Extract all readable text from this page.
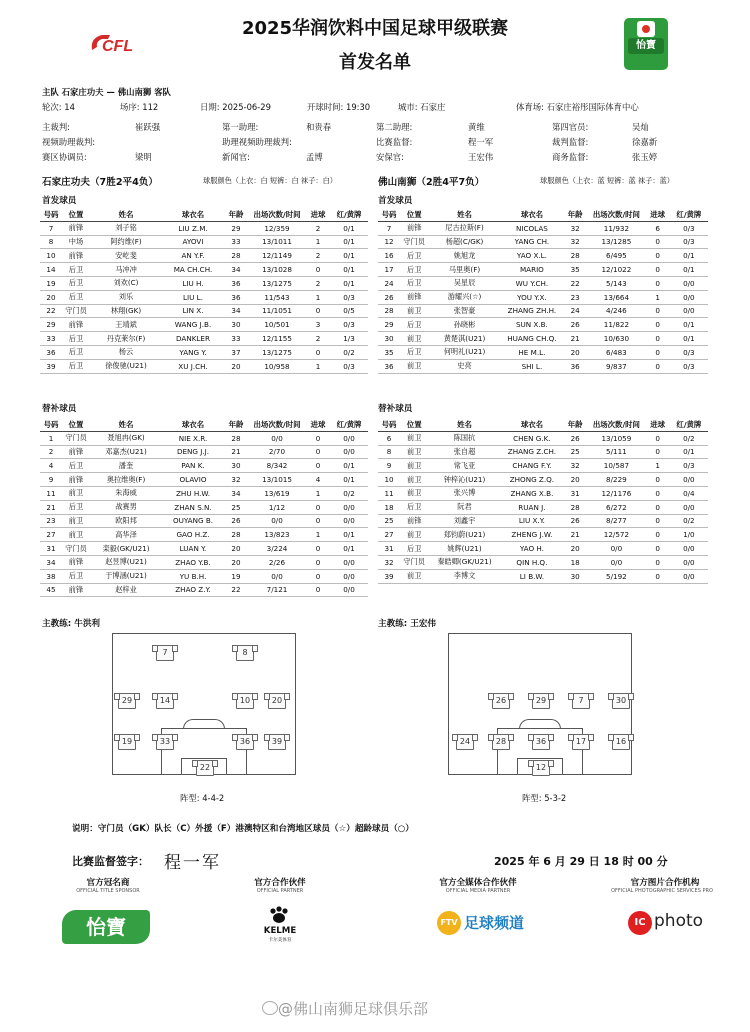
CFL
2025华润饮料中国足球甲级联赛
首发名单
怡寶
主队 石家庄功夫 — 佛山南狮 客队
轮次: 14	场序: 112	日期: 2025-06-29	开球时间: 19:30	城市: 石家庄	体育场: 石家庄裕彤国际体育中心
主裁判:	崔跃强	第一助理:	和贵春	第二助理:	黄维	第四官员:	吴灿
视频助理裁判:	助理视频助理裁判:	比赛监督:	程一军	裁判监督:	徐嘉新
赛区协调员:	梁明	新闻官:	孟博	安保官:	王宏伟	商务监督:	张玉婷
石家庄功夫（7胜2平4负）	球服颜色（上衣：白 短裤：白 袜子：白）	佛山南狮（2胜4平7负）	球服颜色（上衣：蓝 短裤：蓝 袜子：蓝）
首发球员	首发球员
号码	位置	姓名	球衣名	年龄	出场次数/时间	进球	红/黄牌
7	前锋	刘子铭	LIU Z.M.	29	12/359	2	0/1
8	中场	阿约维(F)	AYOVI	33	13/1011	1	0/1
10	前锋	安屹斐	AN Y.F.	28	12/1149	2	0/1
14	后卫	马冲冲	MA CH.CH.	34	13/1028	0	0/1
19	后卫	刘欢(C)	LIU H.	36	13/1275	2	0/1
20	后卫	刘乐	LIU L.	36	11/543	1	0/3
22	守门员	林翔(GK)	LIN X.	34	11/1051	0	0/5
29	前锋	王靖斌	WANG J.B.	30	10/501	3	0/3
33	后卫	丹克莱尔(F)	DANKLER	33	12/1155	2	1/3
36	后卫	杨云	YANG Y.	37	13/1275	0	0/2
39	后卫	徐俊驰(U21)	XU J.CH.	20	10/958	1	0/3
号码	位置	姓名	球衣名	年龄	出场次数/时间	进球	红/黄牌
7	前锋	尼古拉斯(F)	NICOLAS	32	11/932	6	0/3
12	守门员	杨超(C/GK)	YANG CH.	32	13/1285	0	0/3
16	后卫	姚旭龙	YAO X.L.	28	6/495	0	0/1
17	后卫	马里奥(F)	MARIO	35	12/1022	0	0/1
24	后卫	吴星辰	WU Y.CH.	22	5/143	0	0/0
26	前锋	游耀兴(☆)	YOU Y.X.	23	13/664	1	0/0
28	前卫	张智豪	ZHANG ZH.H.	24	4/246	0	0/0
29	后卫	孙晓彬	SUN X.B.	26	11/822	0	0/1
30	前卫	黄楚淇(U21)	HUANG CH.Q.	21	10/630	0	0/1
35	后卫	何明礼(U21)	HE M.L.	20	6/483	0	0/3
36	前卫	史亮	SHI L.	36	9/837	0	0/3
替补球员	替补球员
号码	位置	姓名	球衣名	年龄	出场次数/时间	进球	红/黄牌
1	守门员	聂旭冉(GK)	NIE X.R.	28	0/0	0	0/0
2	前锋	邓嘉杰(U21)	DENG J.J.	21	2/70	0	0/0
4	后卫	潘奎	PAN K.	30	8/342	0	0/1
9	前锋	奥拉维奥(F)	OLAVIO	32	13/1015	4	0/1
11	前卫	朱海威	ZHU H.W.	34	13/619	1	0/2
21	后卫	战赛男	ZHAN S.N.	25	1/12	0	0/0
23	前卫	欧阳邦	OUYANG B.	26	0/0	0	0/0
27	前卫	高华泽	GAO H.Z.	28	13/823	1	0/1
31	守门员	栾毅(GK/U21)	LUAN Y.	20	3/224	0	0/1
34	前锋	赵昱博(U21)	ZHAO Y.B.	20	2/26	0	0/0
38	后卫	于博涵(U21)	YU B.H.	19	0/0	0	0/0
45	前锋	赵梓业	ZHAO Z.Y.	22	7/121	0	0/0
号码	位置	姓名	球衣名	年龄	出场次数/时间	进球	红/黄牌
6	前卫	陈国抗	CHEN G.K.	26	13/1059	0	0/2
8	前卫	张自超	ZHANG Z.CH.	25	5/111	0	0/1
9	前卫	常飞亚	CHANG F.Y.	32	10/587	1	0/3
10	前卫	钟梓沁(U21)	ZHONG Z.Q.	20	8/229	0	0/0
11	前卫	张兴博	ZHANG X.B.	31	12/1176	0	0/4
18	后卫	阮君	RUAN J.	28	6/272	0	0/0
25	前锋	刘鑫宇	LIU X.Y.	26	8/277	0	0/2
27	前卫	郑钧蔚(U21)	ZHENG J.W.	21	12/572	0	1/0
31	后卫	姚辉(U21)	YAO H.	20	0/0	0	0/0
32	守门员	秦皓卿(GK/U21)	QIN H.Q.	18	0/0	0	0/0
39	前卫	李博文	LI B.W.	30	5/192	0	0/0
主教练: 牛洪利	主教练: 王宏伟
7	8
29	14	10	20
19	33	36	39
22
26	7	30
28	36
24	17
29
16
12
阵型: 4-4-2	阵型: 5-3-2
说明：守门员（GK）队长（C）外援（F）港澳特区和台湾地区球员（☆）超龄球员（○）
比赛监督签字： 程一军	2025 年 6 月 29 日 18 时 00 分
官方冠名商
OFFICIAL TITLE SPONSOR
官方合作伙伴
OFFICIAL PARTNER
官方全媒体合作伙伴
OFFICIAL MEDIA PARTNER
官方图片合作机构
OFFICIAL PHOTOGRAPHIC SERVICES PRO
怡寶	KELME
卡尔美体育
FTV 足球频道	IC photo
@佛山南狮足球俱乐部
